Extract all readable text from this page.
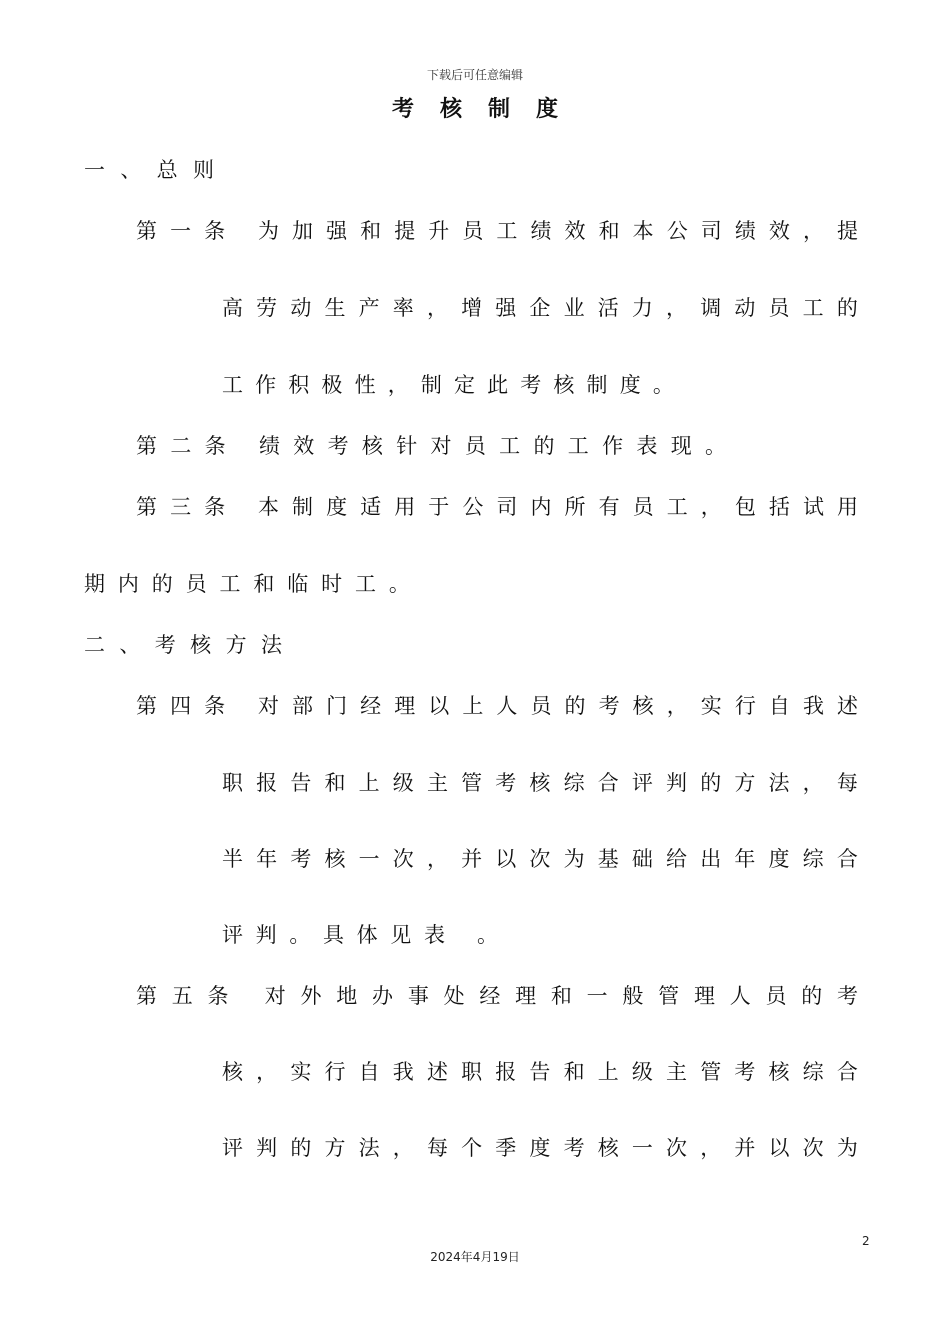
下载后可任意编辑
考核制度
一 、 总 则
第 一 条
为 加 强 和 提 升 员 工 绩 效 和 本 公 司 绩 效 ， 提
高 劳 动 生 产 率 ， 增 强 企 业 活 力 ， 调 动 员 工 的
工 作 积 极 性 ， 制 定 此 考 核 制 度 。
第 二 条
绩 效 考 核 针 对 员 工 的 工 作 表 现 。
第 三 条
本 制 度 适 用 于 公 司 内 所 有 员 工 ， 包 括 试 用
期 内 的 员 工 和 临 时 工 。
二 、 考 核 方 法
第 四 条
对 部 门 经 理 以 上 人 员 的 考 核 ， 实 行 自 我 述
职 报 告 和 上 级 主 管 考 核 综 合 评 判 的 方 法 ， 每
半 年 考 核 一 次 ， 并 以 次 为 基 础 给 出 年 度 综 合
评 判 。 具 体 见 表
。
第 五 条
对 外 地 办 事 处 经 理 和 一 般 管 理 人 员 的 考
核 ， 实 行 自 我 述 职 报 告 和 上 级 主 管 考 核 综 合
评 判 的 方 法 ， 每 个 季 度 考 核 一 次 ， 并 以 次 为
2
2024年4月19日
